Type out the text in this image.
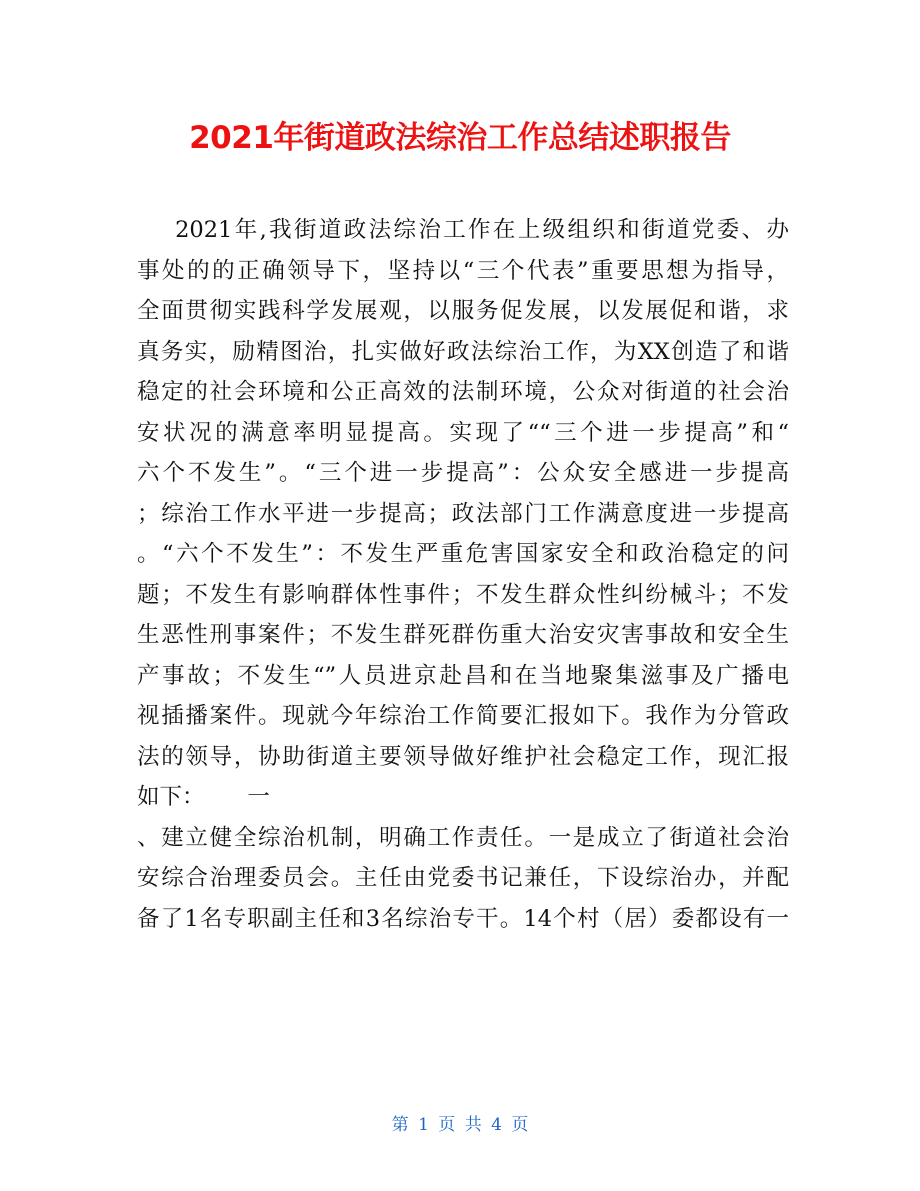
2021年街道政法综治工作总结述职报告
2021年,我街道政法综治工作在上级组织和街道党委、办
事处的的正确领导下，坚持以“三个代表”重要思想为指导，
全面贯彻实践科学发展观，以服务促发展，以发展促和谐，求
真务实，励精图治，扎实做好政法综治工作，为XX创造了和谐
稳定的社会环境和公正高效的法制环境，公众对街道的社会治
安状况的满意率明显提高。实现了““三个进一步提高”和“
六个不发生”。“三个进一步提高”：公众安全感进一步提高
；综治工作水平进一步提高；政法部门工作满意度进一步提高
。“六个不发生”：不发生严重危害国家安全和政治稳定的问
题；不发生有影响群体性事件；不发生群众性纠纷械斗；不发
生恶性刑事案件；不发生群死群伤重大治安灾害事故和安全生
产事故；不发生“”人员进京赴昌和在当地聚集滋事及广播电
视插播案件。现就今年综治工作简要汇报如下。我作为分管政
法的领导，协助街道主要领导做好维护社会稳定工作，现汇报
如下：      一
、建立健全综治机制，明确工作责任。一是成立了街道社会治
安综合治理委员会。主任由党委书记兼任，下设综治办，并配
备了1名专职副主任和3名综治专干。14个村（居）委都设有一
第 1 页 共 4 页
